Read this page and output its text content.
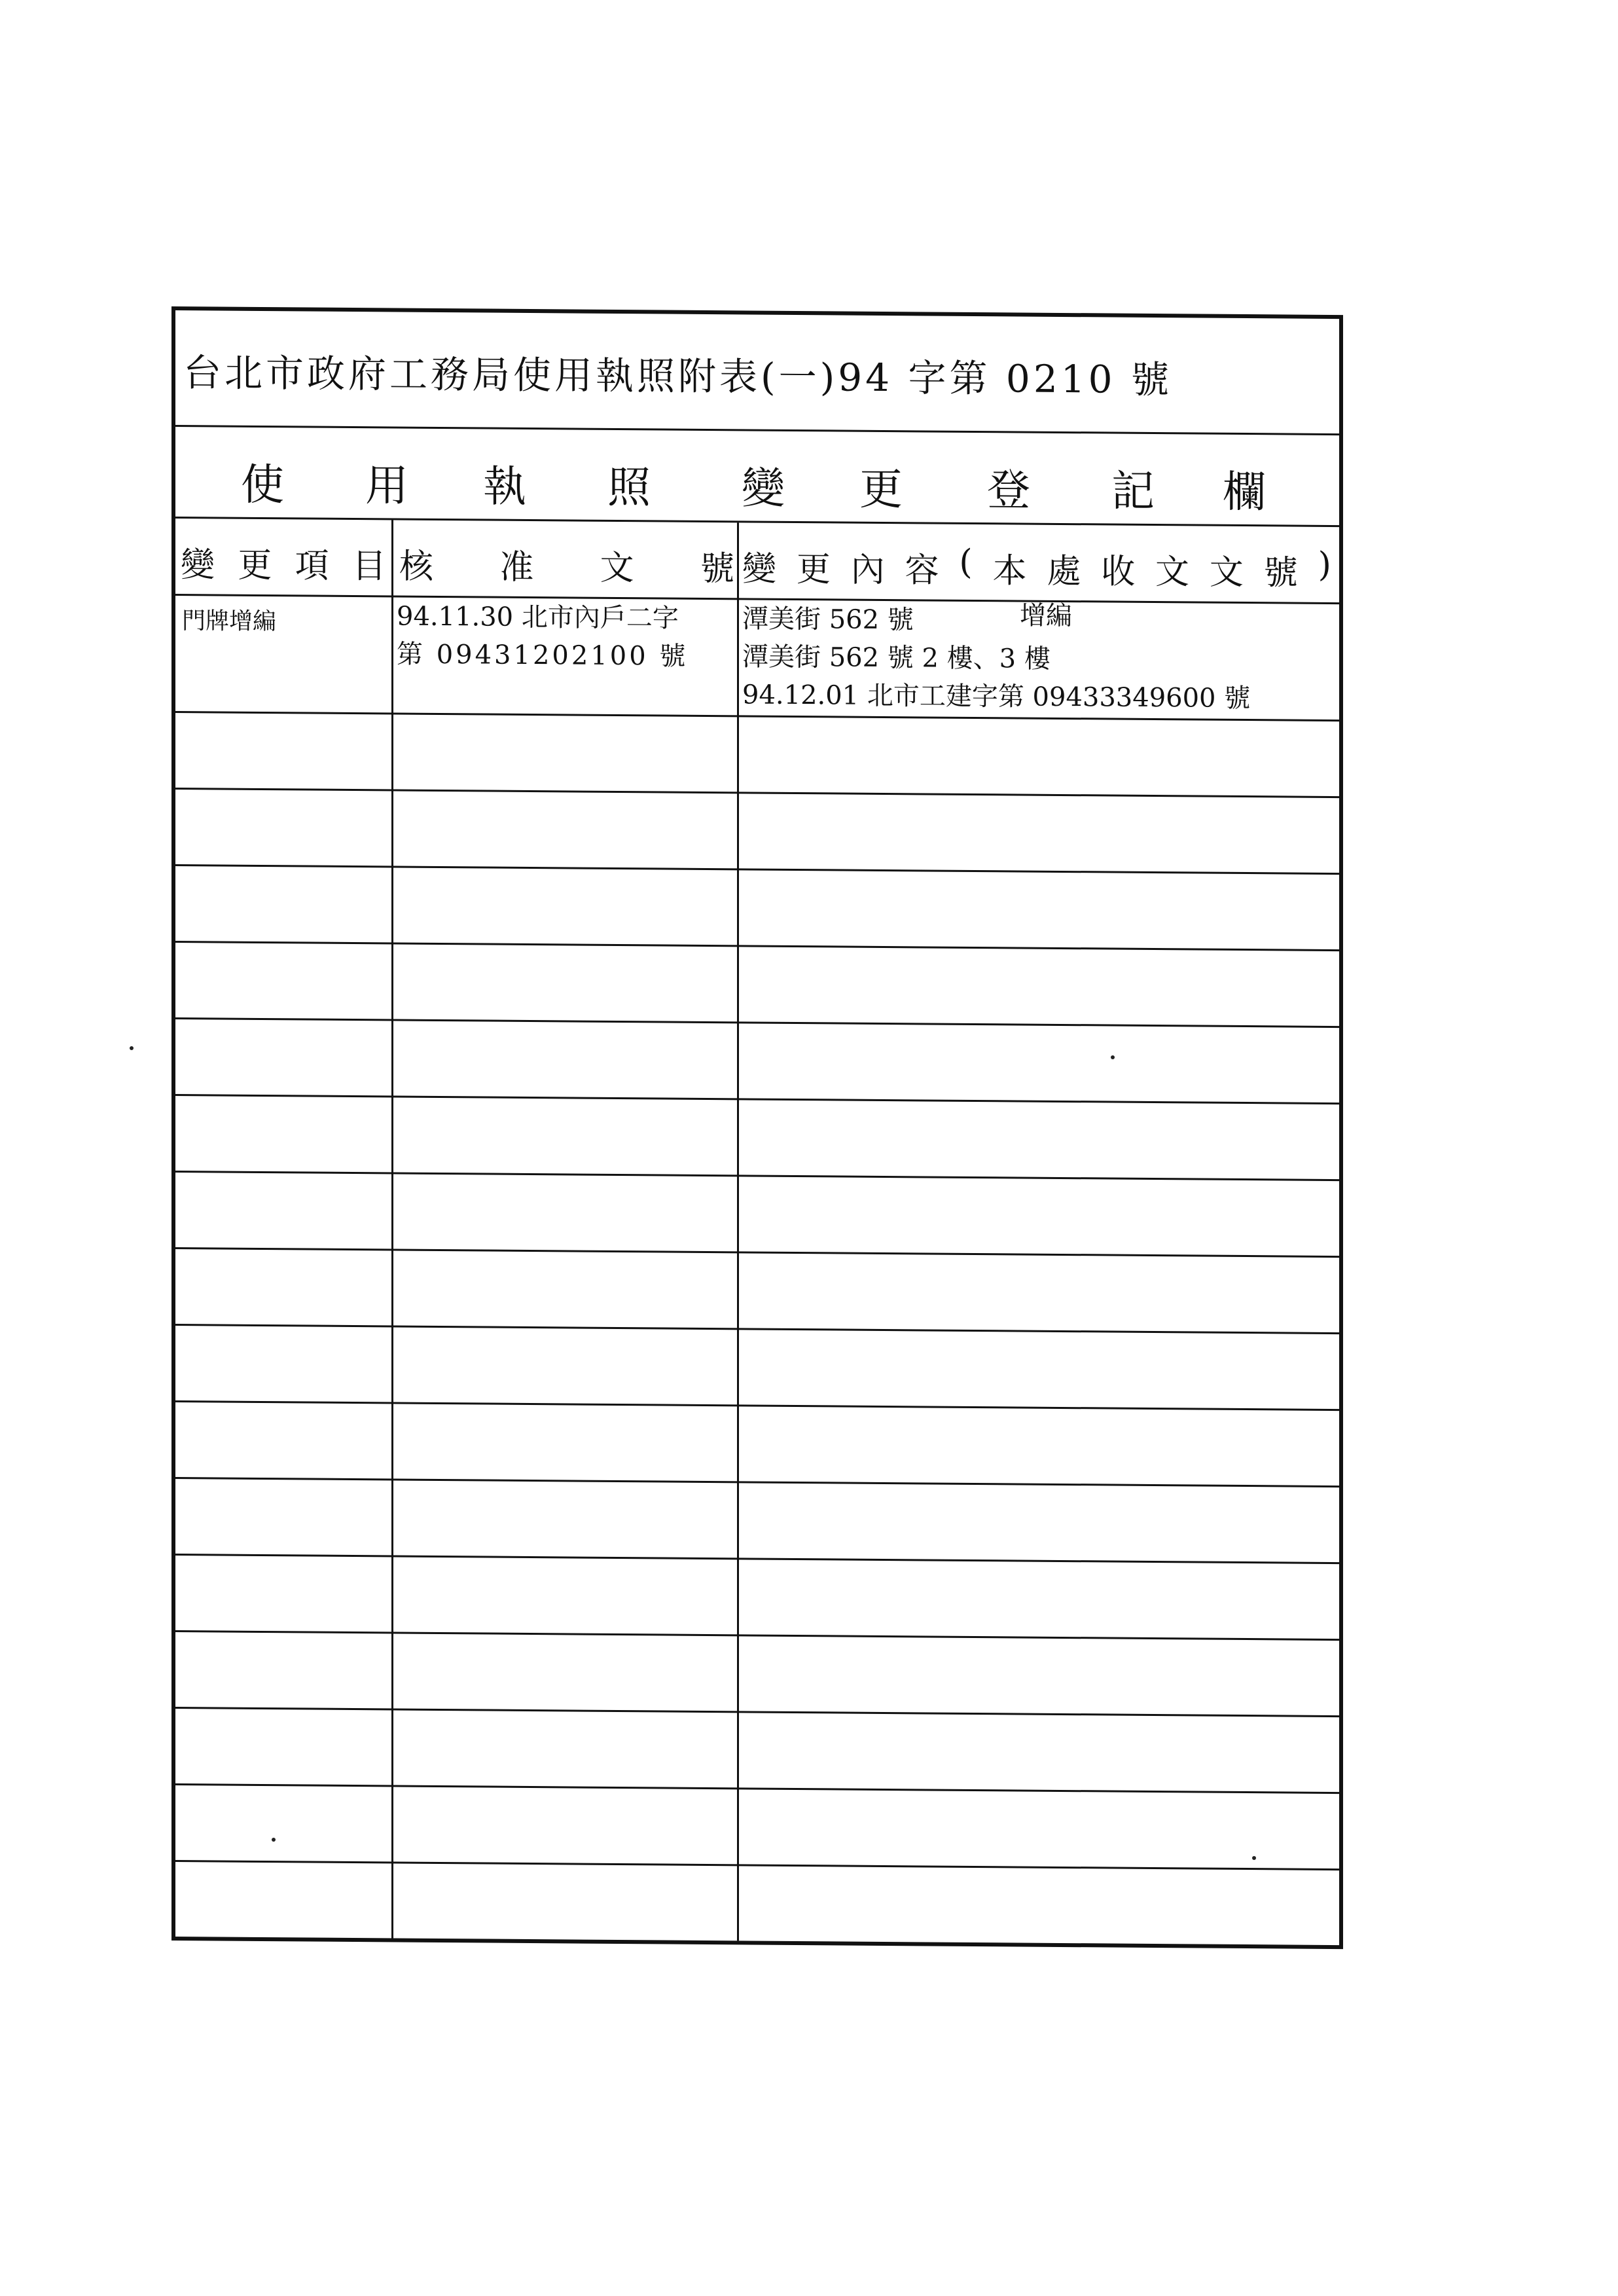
台北市政府工務局使用執照附表(一)94 字第 0210 號
使 用 執 照 變 更 登 記 欄
變 更 項 目 核 准 文 號 變 更 內 容 ( 本 處 收 文 文 號 )
門牌增編	94.11.30 北市內戶二字
第 09431202100 號
潭美街 562 號	增編
潭美街 562 號 2 樓、3 樓
94.12.01 北市工建字第 09433349600 號
